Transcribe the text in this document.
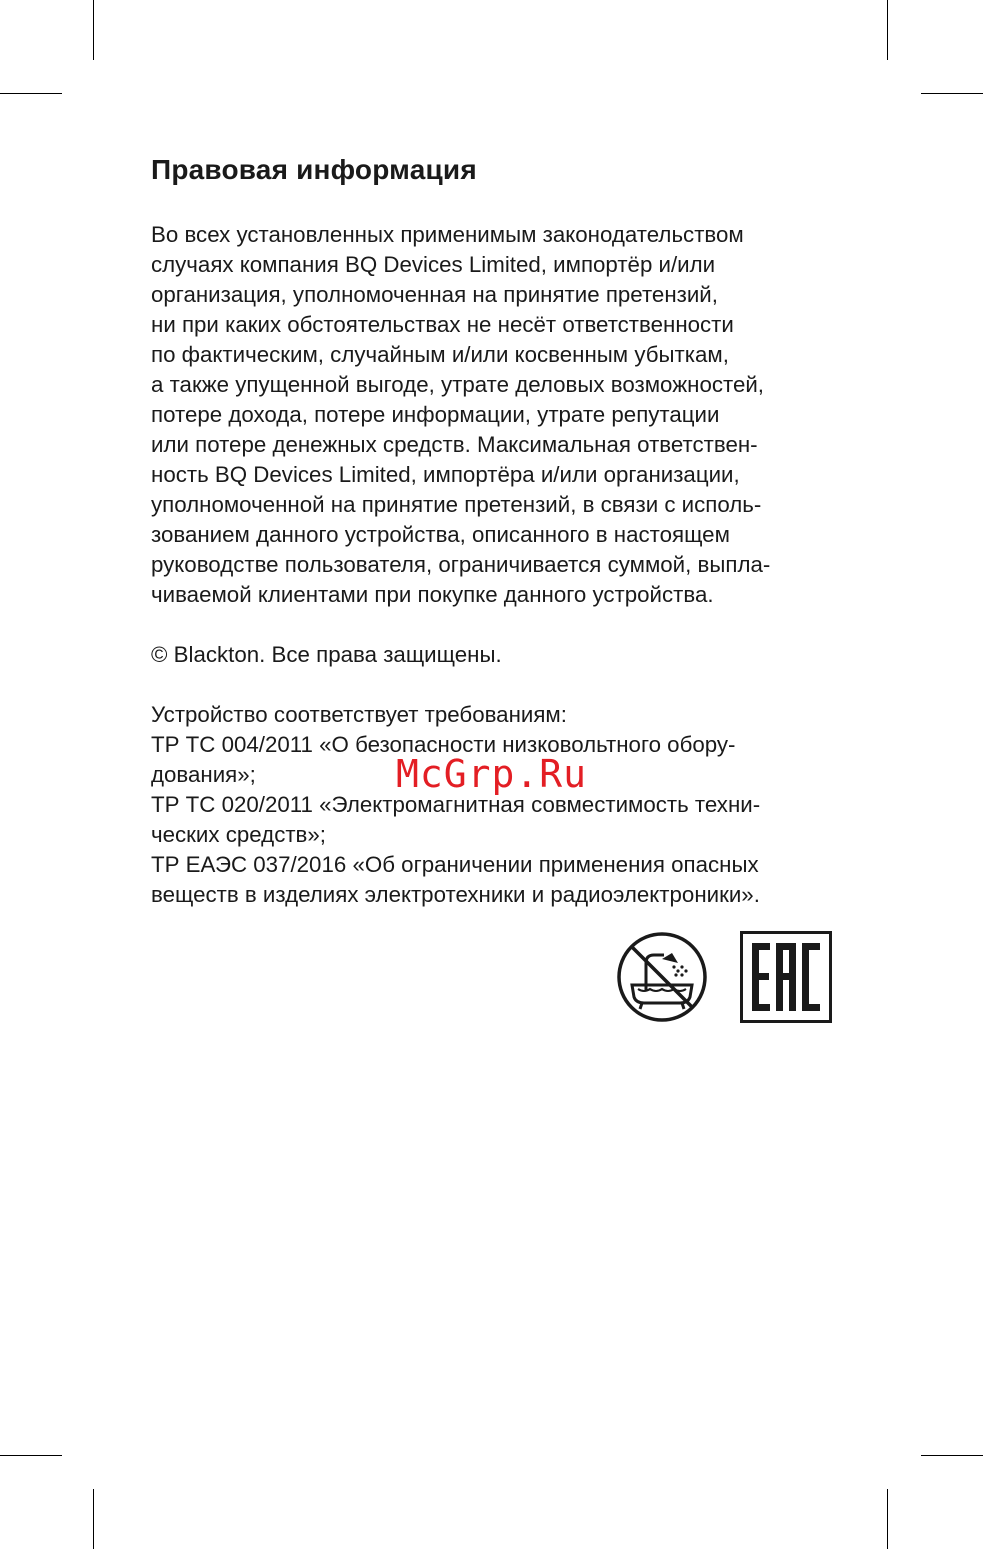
Правовая информация

Во всех установленных применимым законодательством
случаях компания BQ Devices Limited, импортёр и/или
организация, уполномоченная на принятие претензий,
ни при каких обстоятельствах не несёт ответственности
по фактическим, случайным и/или косвенным убыткам,
а также упущенной выгоде, утрате деловых возможностей,
потере дохода, потере информации, утрате репутации
или потере денежных средств. Максимальная ответствен-
ность BQ Devices Limited, импортёра и/или организации,
уполномоченной на принятие претензий, в связи с исполь-
зованием данного устройства, описанного в настоящем
руководстве пользователя, ограничивается суммой, выпла-
чиваемой клиентами при покупке данного устройства.

© Blackton. Все права защищены.

Устройство соответствует требованиям:
ТР ТС 004/2011 «О безопасности низковольтного обору-
дования»;
ТР ТС 020/2011 «Электромагнитная совместимость техни-
ческих средств»;
ТР ЕАЭС 037/2016 «Об ограничении применения опасных
веществ в изделиях электротехники и радиоэлектроники».

McGrp.Ru
